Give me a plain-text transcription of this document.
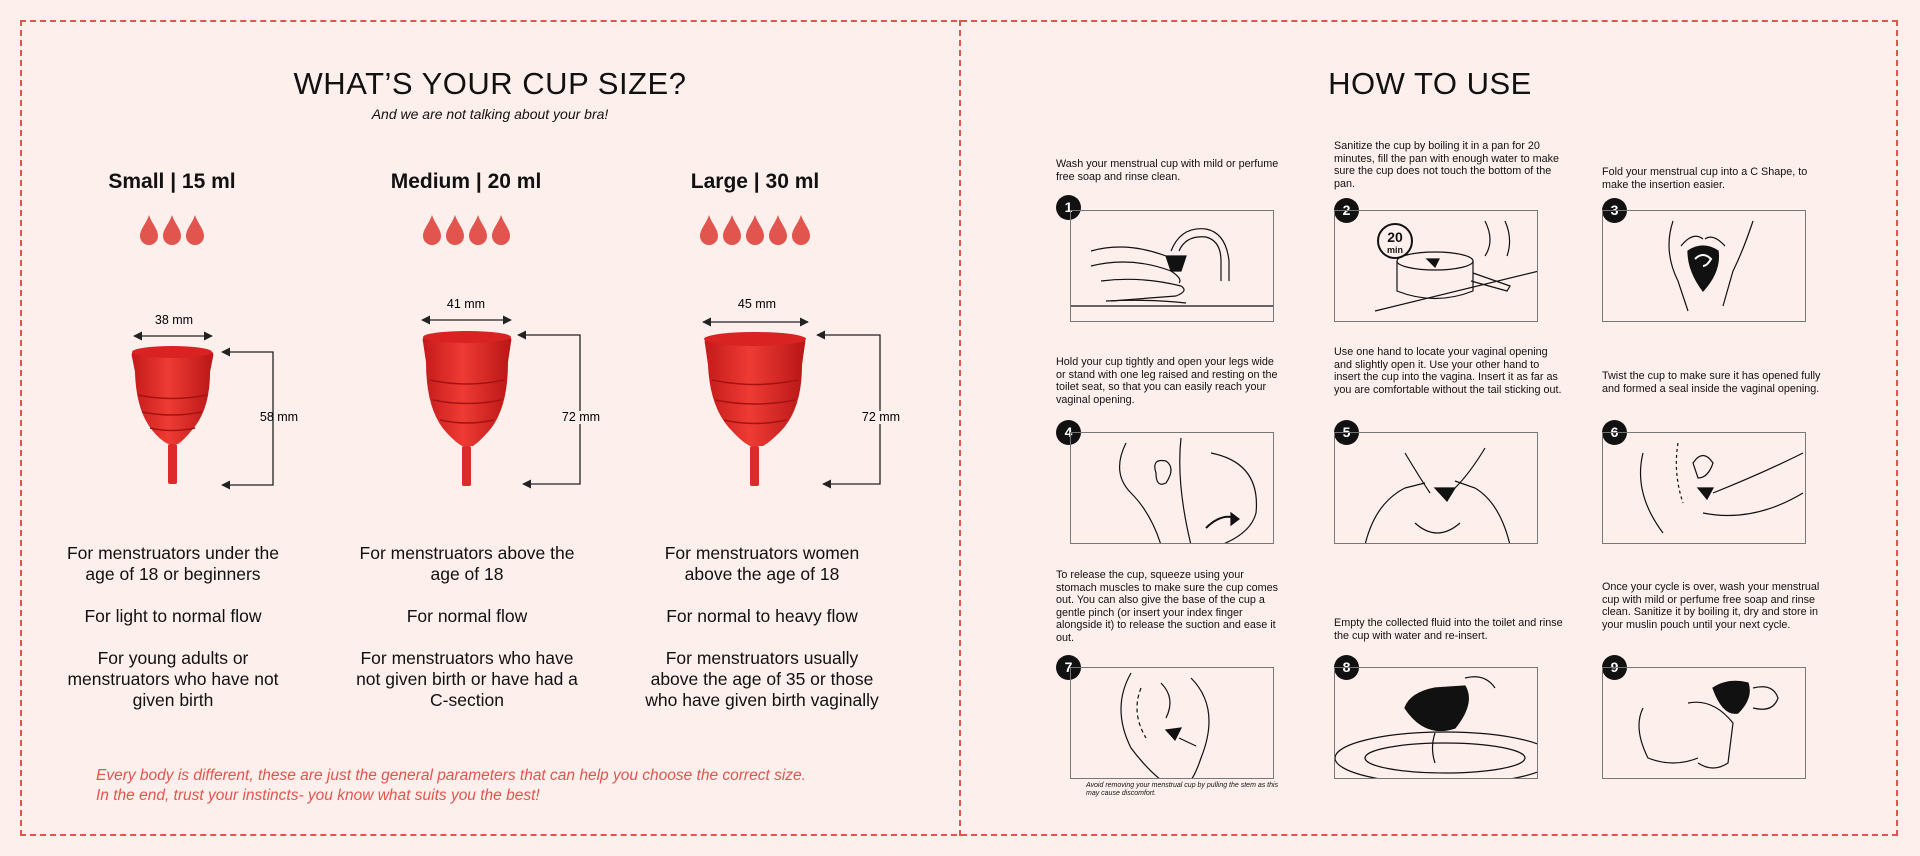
WHAT’S YOUR CUP SIZE?
And we are not talking about your bra!
Small | 15 ml	Medium | 20 ml	Large | 30 ml
38 mm
58 mm
41 mm
72 mm
45 mm
72 mm

For menstruators under the age of 18 or beginners

For light to normal flow

For young adults or menstruators who have not given birth

For menstruators above the age of 18

For normal flow

For menstruators who have not given birth or have had a C-section

For menstruators women above the age of 18

For normal to heavy flow

For menstruators usually above the age of 35 or those who have given birth vaginally

Every body is different, these are just the general parameters that can help you choose the correct size.
In the end, trust your instincts- you know what suits you the best!
HOW TO USE
Wash your menstrual cup with mild or perfume free soap and rinse clean.
1
Sanitize the cup by boiling it in a pan for 20 minutes, fill the pan with enough water to make sure the cup does not touch the bottom of the pan.
2
20
min
Fold your menstrual cup into a C Shape, to make the insertion easier.
3
Hold your cup tightly and open your legs wide or stand with one leg raised and resting on the toilet seat, so that you can easily reach your vaginal opening.
4
Use one hand to locate your vaginal opening and slightly open it. Use your other hand to insert the cup into the vagina. Insert it as far as you are comfortable without the tail sticking out.
5
Twist the cup to make sure it has opened fully and formed a seal inside the vaginal opening.
6
To release the cup, squeeze using your stomach muscles to make sure the cup comes out. You can also give the base of the cup a gentle pinch (or insert your index finger alongside it) to release the suction and ease it out.
7
Avoid removing your menstrual cup by pulling the stem as this may cause discomfort.
Empty the collected fluid into the toilet and rinse the cup with water and re-insert.
8
Once your cycle is over, wash your menstrual cup with mild or perfume free soap and rinse clean. Sanitize it by boiling it, dry and store in your muslin pouch until your next cycle.
9
